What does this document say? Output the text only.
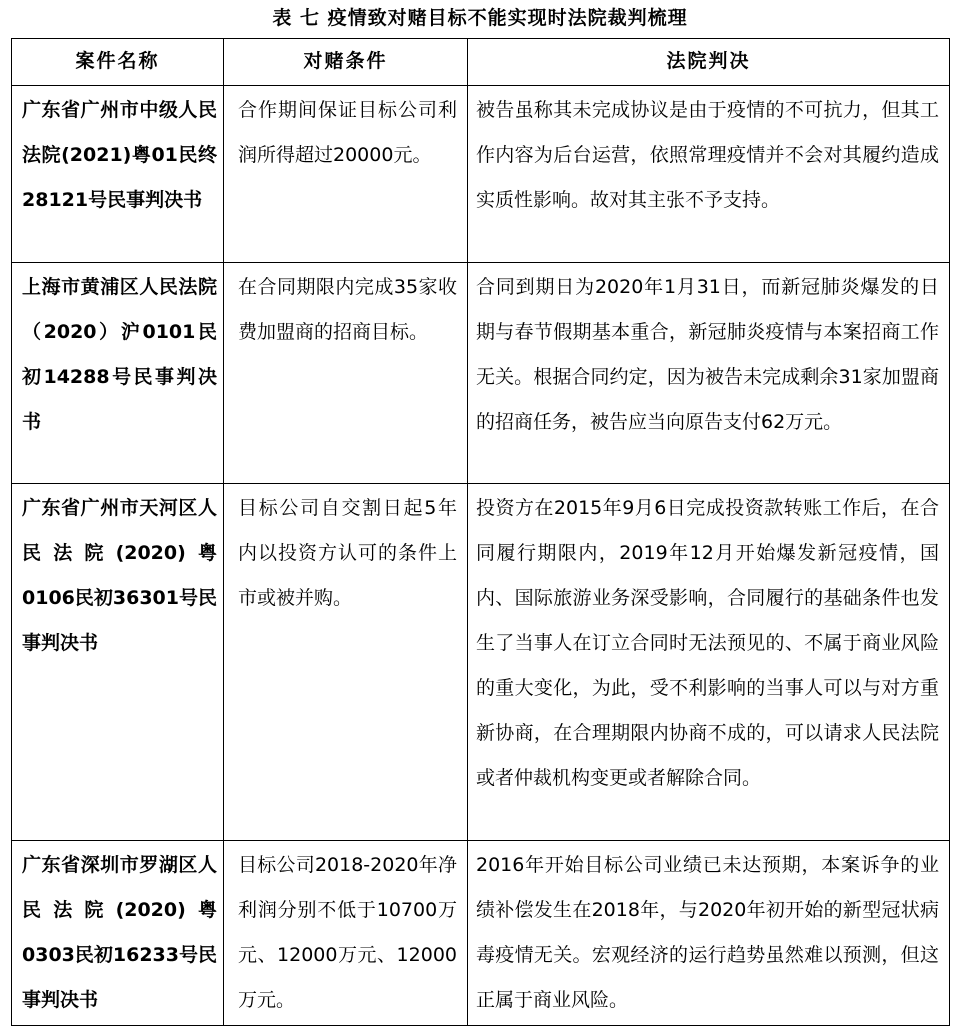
表 七 疫情致对赌目标不能实现时法院裁判梳理
案件名称	对赌条件	法院判决
广东省广州市中级人民法院(2021)粤01民终28121号民事判决书	合作期间保证目标公司利润所得超过20000元。	被告虽称其未完成协议是由于疫情的不可抗力，但其工作内容为后台运营，依照常理疫情并不会对其履约造成实质性影响。故对其主张不予支持。
上海市黄浦区人民法院（2020）沪0101民初14288号民事判决书	在合同期限内完成35家收费加盟商的招商目标。	合同到期日为2020年1月31日，而新冠肺炎爆发的日期与春节假期基本重合，新冠肺炎疫情与本案招商工作无关。根据合同约定，因为被告未完成剩余31家加盟商的招商任务，被告应当向原告支付62万元。
广东省广州市天河区人民法院(2020)粤0106民初36301号民事判决书	目标公司自交割日起5年内以投资方认可的条件上市或被并购。	投资方在2015年9月6日完成投资款转账工作后，在合同履行期限内，2019年12月开始爆发新冠疫情，国内、国际旅游业务深受影响，合同履行的基础条件也发生了当事人在订立合同时无法预见的、不属于商业风险的重大变化，为此，受不利影响的当事人可以与对方重新协商，在合理期限内协商不成的，可以请求人民法院或者仲裁机构变更或者解除合同。
广东省深圳市罗湖区人民法院(2020)粤0303民初16233号民事判决书	目标公司2018-2020年净利润分别不低于10700万元、12000万元、12000万元。	2016年开始目标公司业绩已未达预期，本案诉争的业绩补偿发生在2018年，与2020年初开始的新型冠状病毒疫情无关。宏观经济的运行趋势虽然难以预测，但这正属于商业风险。
